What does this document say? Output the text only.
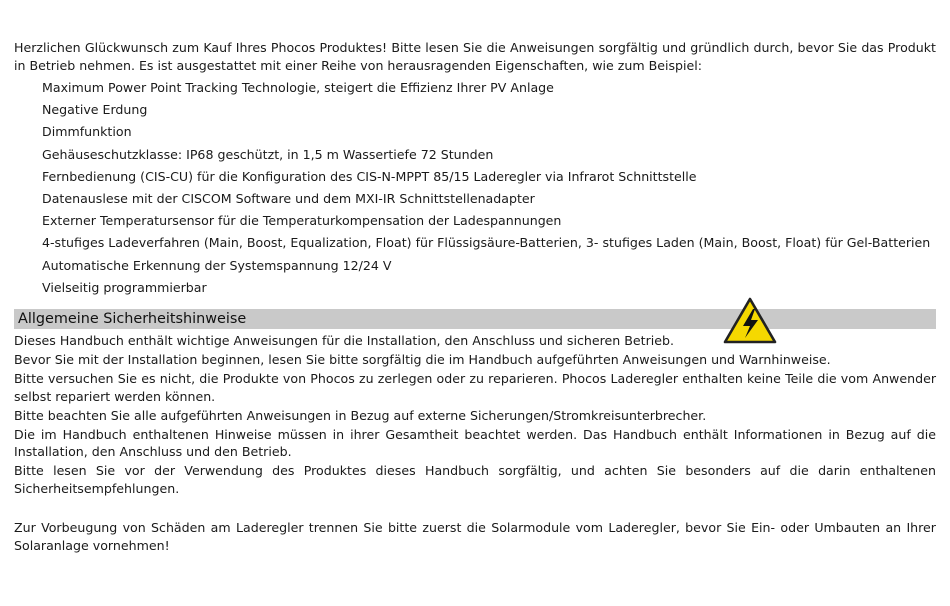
Herzlichen Glückwunsch zum Kauf Ihres Phocos Produktes! Bitte lesen Sie die Anweisungen sorgfältig und gründlich durch, bevor Sie das Produkt in Betrieb nehmen. Es ist ausgestattet mit einer Reihe von herausragenden Eigenschaften, wie zum Beispiel:

Maximum Power Point Tracking Technologie, steigert die Effizienz Ihrer PV Anlage
Negative Erdung
Dimmfunktion
Gehäuseschutzklasse: IP68 geschützt, in 1,5 m Wassertiefe 72 Stunden
Fernbedienung (CIS-CU) für die Konfiguration des CIS-N-MPPT 85/15 Laderegler via Infrarot Schnittstelle
Datenauslese mit der CISCOM Software und dem MXI-IR Schnittstellenadapter
Externer Temperatursensor für die Temperaturkompensation der Ladespannungen
4-stufiges Ladeverfahren (Main, Boost, Equalization, Float) für Flüssigsäure-Batterien, 3- stufiges Laden (Main, Boost, Float) für Gel-Batterien
Automatische Erkennung der Systemspannung 12/24 V
Vielseitig programmierbar
Allgemeine Sicherheitshinweise

Dieses Handbuch enthält wichtige Anweisungen für die Installation, den Anschluss und sicheren Betrieb.

Bevor Sie mit der Installation beginnen, lesen Sie bitte sorgfältig die im Handbuch aufgeführten Anweisungen und Warnhinweise.

Bitte versuchen Sie es nicht, die Produkte von Phocos zu zerlegen oder zu reparieren. Phocos Laderegler enthalten keine Teile die vom Anwender selbst repariert werden können.

Bitte beachten Sie alle aufgeführten Anweisungen in Bezug auf externe Sicherungen/Stromkreisunterbrecher.

Die im Handbuch enthaltenen Hinweise müssen in ihrer Gesamtheit beachtet werden. Das Handbuch enthält Informationen in Bezug auf die Installation, den Anschluss und den Betrieb.

Bitte lesen Sie vor der Verwendung des Produktes dieses Handbuch sorgfältig, und achten Sie besonders auf die darin enthaltenen Sicherheitsempfehlungen.

Zur Vorbeugung von Schäden am Laderegler trennen Sie bitte zuerst die Solarmodule vom Laderegler, bevor Sie Ein- oder Umbauten an Ihrer Solaranlage vornehmen!
